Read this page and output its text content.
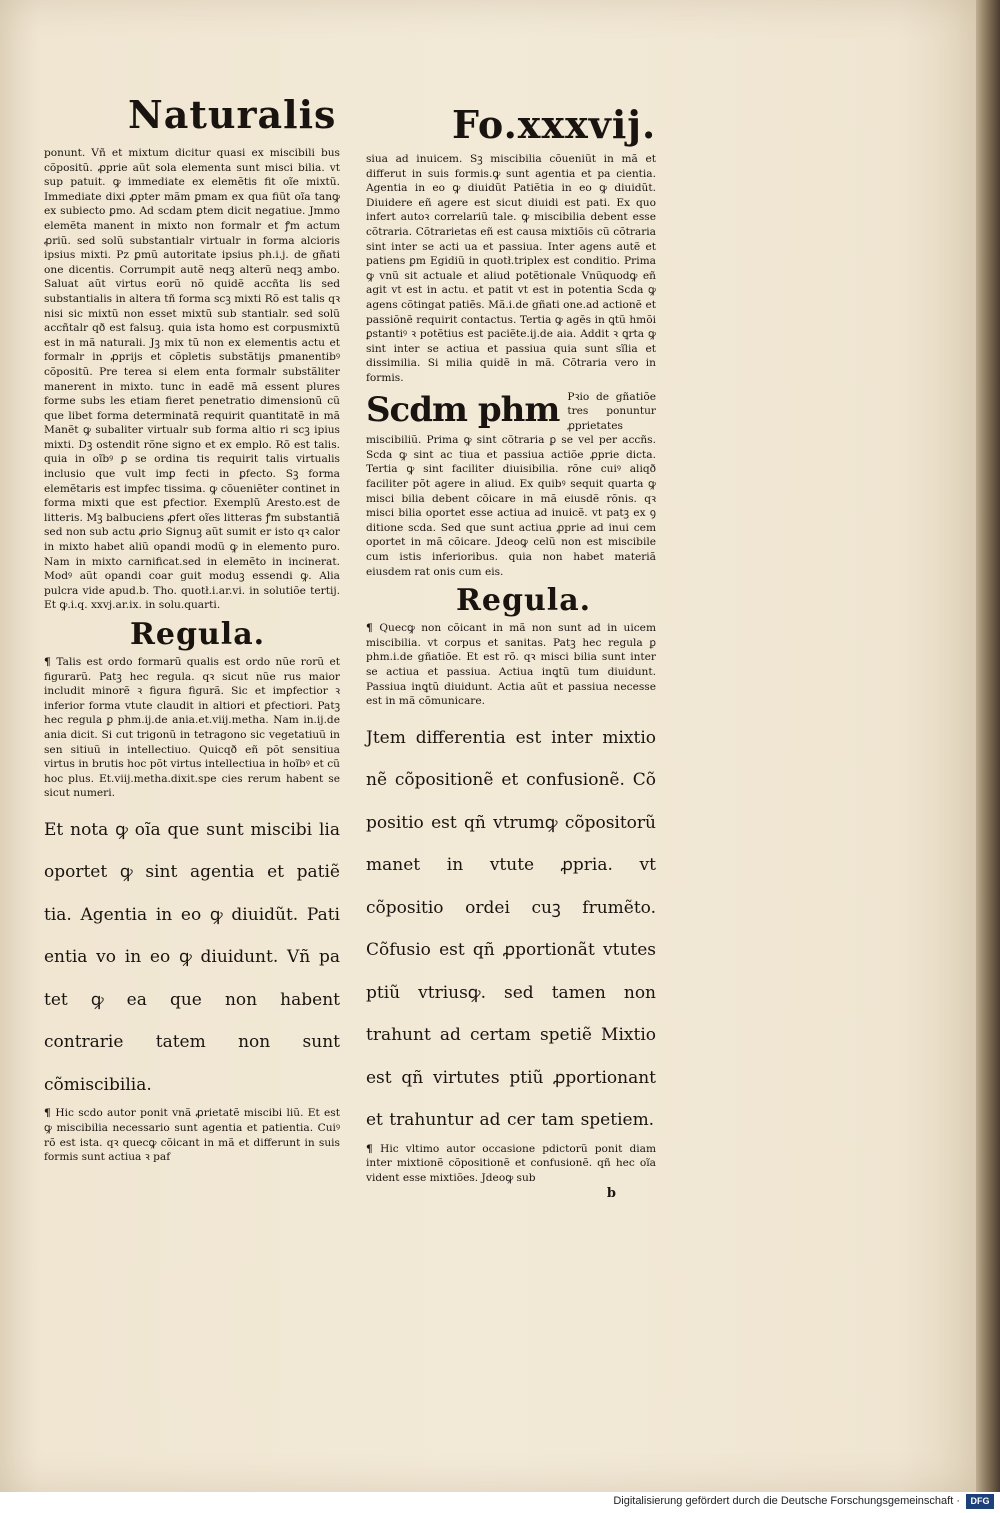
Naturalis	Fo.xxxvij.

ponunt. Vñ et mixtum dicitur quasi ex miscibili bus cõpositũ. ꝓprie aũt sola elementa sunt misci bilia. vt sup patuit. ꝙ immediate ex elemẽtis fit oĩe mixtũ. Immediate dixi ꝓpter mãm ꝑmam ex qua fiũt oĩa tanꝙ ex subiecto ꝑmo. Ad scdam ꝑtem dicit negatiue. Jmmo elemẽta manent in mixto non formalr et ꝭm actum ꝓriũ. sed solũ substantialr virtualr in forma alcioris ipsius mixti. Pz ꝑmũ autoritate ipsius ph.i.j. de gñati one dicentis. Corrumpit autẽ neqꝫ alterũ neqꝫ ambo. Saluat aũt virtus eorũ nõ quidẽ accñta lis sed substantialis in altera tñ forma scꝫ mixti Rõ est talis qꝛ nisi sic mixtũ non esset mixtũ sub stantialr. sed solũ accñtalr qð est falsuꝫ. quia ista homo est corpusmixtũ est in mã naturali. Jꝫ mix tũ non ex elementis actu et formalr in ꝓprijs et cõpletis substãtijs ꝑmanentibꝰ cõpositũ. Pre terea si elem enta formalr substãliter manerent in mixto. tunc in eadẽ mã essent plures forme subs les etiam fieret penetratio dimensionũ cũ que libet forma determinatã requirit quantitatẽ in mã Manẽt ꝙ subaliter virtualr sub forma altio ri scꝫ ipius mixti. Dꝫ ostendit rõne signo et ex emplo. Rõ est talis. quia in oĩbꝰ ꝑ se ordina tis requirit talis virtualis inclusio que vult imꝑ fecti in ꝑfecto. Sꝫ forma elemẽtaris est impfec tissima. ꝙ cõueniẽter continet in forma mixti que est ꝑfectior. Exemplũ Aresto.est de litteris. Mꝫ balbuciens ꝓfert oĩes litteras ꝭm substantiã sed non sub actu ꝓrio Signuꝫ aũt sumit er isto qꝛ calor in mixto habet aliũ opandi modũ ꝙ in elemento puro. Nam in mixto carnificat.sed in elemẽto in incinerat. Modꝰ aũt opandi coar guit moduꝫ essendi ꝙ. Alia pulcra vide apud.b. Tho. quotł.i.ar.vi. in solutiõe tertij. Et ꝙ.i.q. xxvj.ar.ix. in solu.quarti.

Regula.

¶ Talis est ordo formarũ qualis est ordo nũe rorũ et figurarũ. Patꝫ hec regula. qꝛ sicut nũe rus maior includit minorẽ ꝛ figura figurã. Sic et imꝑfectior ꝛ inferior forma vtute claudit in altiori et ꝑfectiori. Patꝫ hec regula ꝑ phm.ij.de ania.et.viij.metha. Nam in.ij.de ania dicit. Si cut trigonũ in tetragono sic vegetatiuũ in sen sitiuũ in intellectiuo. Quicqð eñ põt sensitiua virtus in brutis hoc põt virtus intellectiua in hoĩbꝰ et cũ hoc plus. Et.viij.metha.dixit.spe cies rerum habent se sicut numeri.

Et nota ꝙ oĩa que sunt miscibi lia oportet ꝙ sint agentia et patiẽ tia. Agentia in eo ꝙ diuidũt. Pati entia vo in eo ꝙ diuidunt. Vñ pa tet ꝙ ea que non habent contrarie tatem non sunt cõmiscibilia.

¶ Hic scdo autor ponit vnã ꝓrietatẽ miscibi liũ. Et est ꝙ miscibilia necessario sunt agentia et patientia. Cuiꝰ rõ est ista. qꝛ quecꝙ cõicant in mã et differunt in suis formis sunt actiua ꝛ paf

siua ad inuicem. Sꝫ miscibilia cõueniũt in mã et differut in suis formis.ꝙ sunt agentia et pa cientia. Agentia in eo ꝙ diuidũt Patiẽtia in eo ꝙ diuidũt. Diuidere eñ agere est sicut diuidi est pati. Ex quo infert autoꝛ correlariũ tale. ꝙ miscibilia debent esse cõtraria. Cõtrarietas eñ est causa mixtiõis cũ cõtraria sint inter se acti ua et passiua. Inter agens autẽ et patiens ꝑm Egidiũ in quotł.triplex est conditio. Prima ꝙ vnũ sit actuale et aliud potẽtionale Vnũquodꝙ eñ agit vt est in actu. et patit vt est in potentia Scda ꝙ agens cõtingat patiẽs. Mã.i.de gñati one.ad actionẽ et passiõnẽ requirit contactus. Tertia ꝙ agẽs in ꝗtũ hmõi ꝑstantiꝰ ꝛ potẽtius est paciẽte.ij.de aia. Addit ꝛ ꝗrta ꝙ sint inter se actiua et passiua quia sunt sĩlia et dissimilia. Si milia quidẽ in mã. Cõtraria vero in formis.

Scdm phm Pꝛio de gñatiõe tres ponuntur ꝓprietates miscibiliũ. Prima ꝙ sint cõtraria ꝑ se vel per accñs. Scda ꝙ sint ac tiua et passiua actiõe ꝓprie dicta. Tertia ꝙ sint faciliter diuisibilia. rõne cuiꝰ aliqð faciliter põt agere in aliud. Ex quibꝰ sequit quarta ꝙ misci bilia debent cõicare in mã eiusdẽ rõnis. qꝛ misci bilia oportet esse actiua ad inuicẽ. vt patꝫ ex ꝯ ditione scda. Sed que sunt actiua ꝓprie ad inui cem oportet in mã cõicare. Jdeoꝙ celũ non est miscibile cum istis inferioribus. quia non habet materiã eiusdem rat onis cum eis.

Regula.

¶ Quecꝙ non cõicant in mã non sunt ad in uicem miscibilia. vt corpus et sanitas. Patꝫ hec regula ꝑ phm.i.de gñatiõe. Et est rõ. qꝛ misci bilia sunt inter se actiua et passiua. Actiua inꝗtũ tum diuidunt. Passiua inꝗtũ diuidunt. Actia aũt et passiua necesse est in mã cõmunicare.

Jtem differentia est inter mixtio nẽ cõpositionẽ et confusionẽ. Cõ positio est qñ vtrumꝙ cõpositorũ manet in vtute ꝓpria. vt cõpositio ordei cuꝫ frumẽto. Cõfusio est qñ ꝓportionãt vtutes ptiũ vtriusꝙ. sed tamen non trahunt ad certam spetiẽ Mixtio est qñ virtutes ptiũ ꝓportionant et trahuntur ad cer tam spetiem.

¶ Hic vltimo autor occasione pdictorũ ponit diam inter mixtionẽ cõpositionẽ et confusionẽ. qñ hec oĩa vident esse mixtiões. Jdeoꝙ sub

b
Digitalisierung gefördert durch die Deutsche Forschungsgemeinschaft ·	DFG
